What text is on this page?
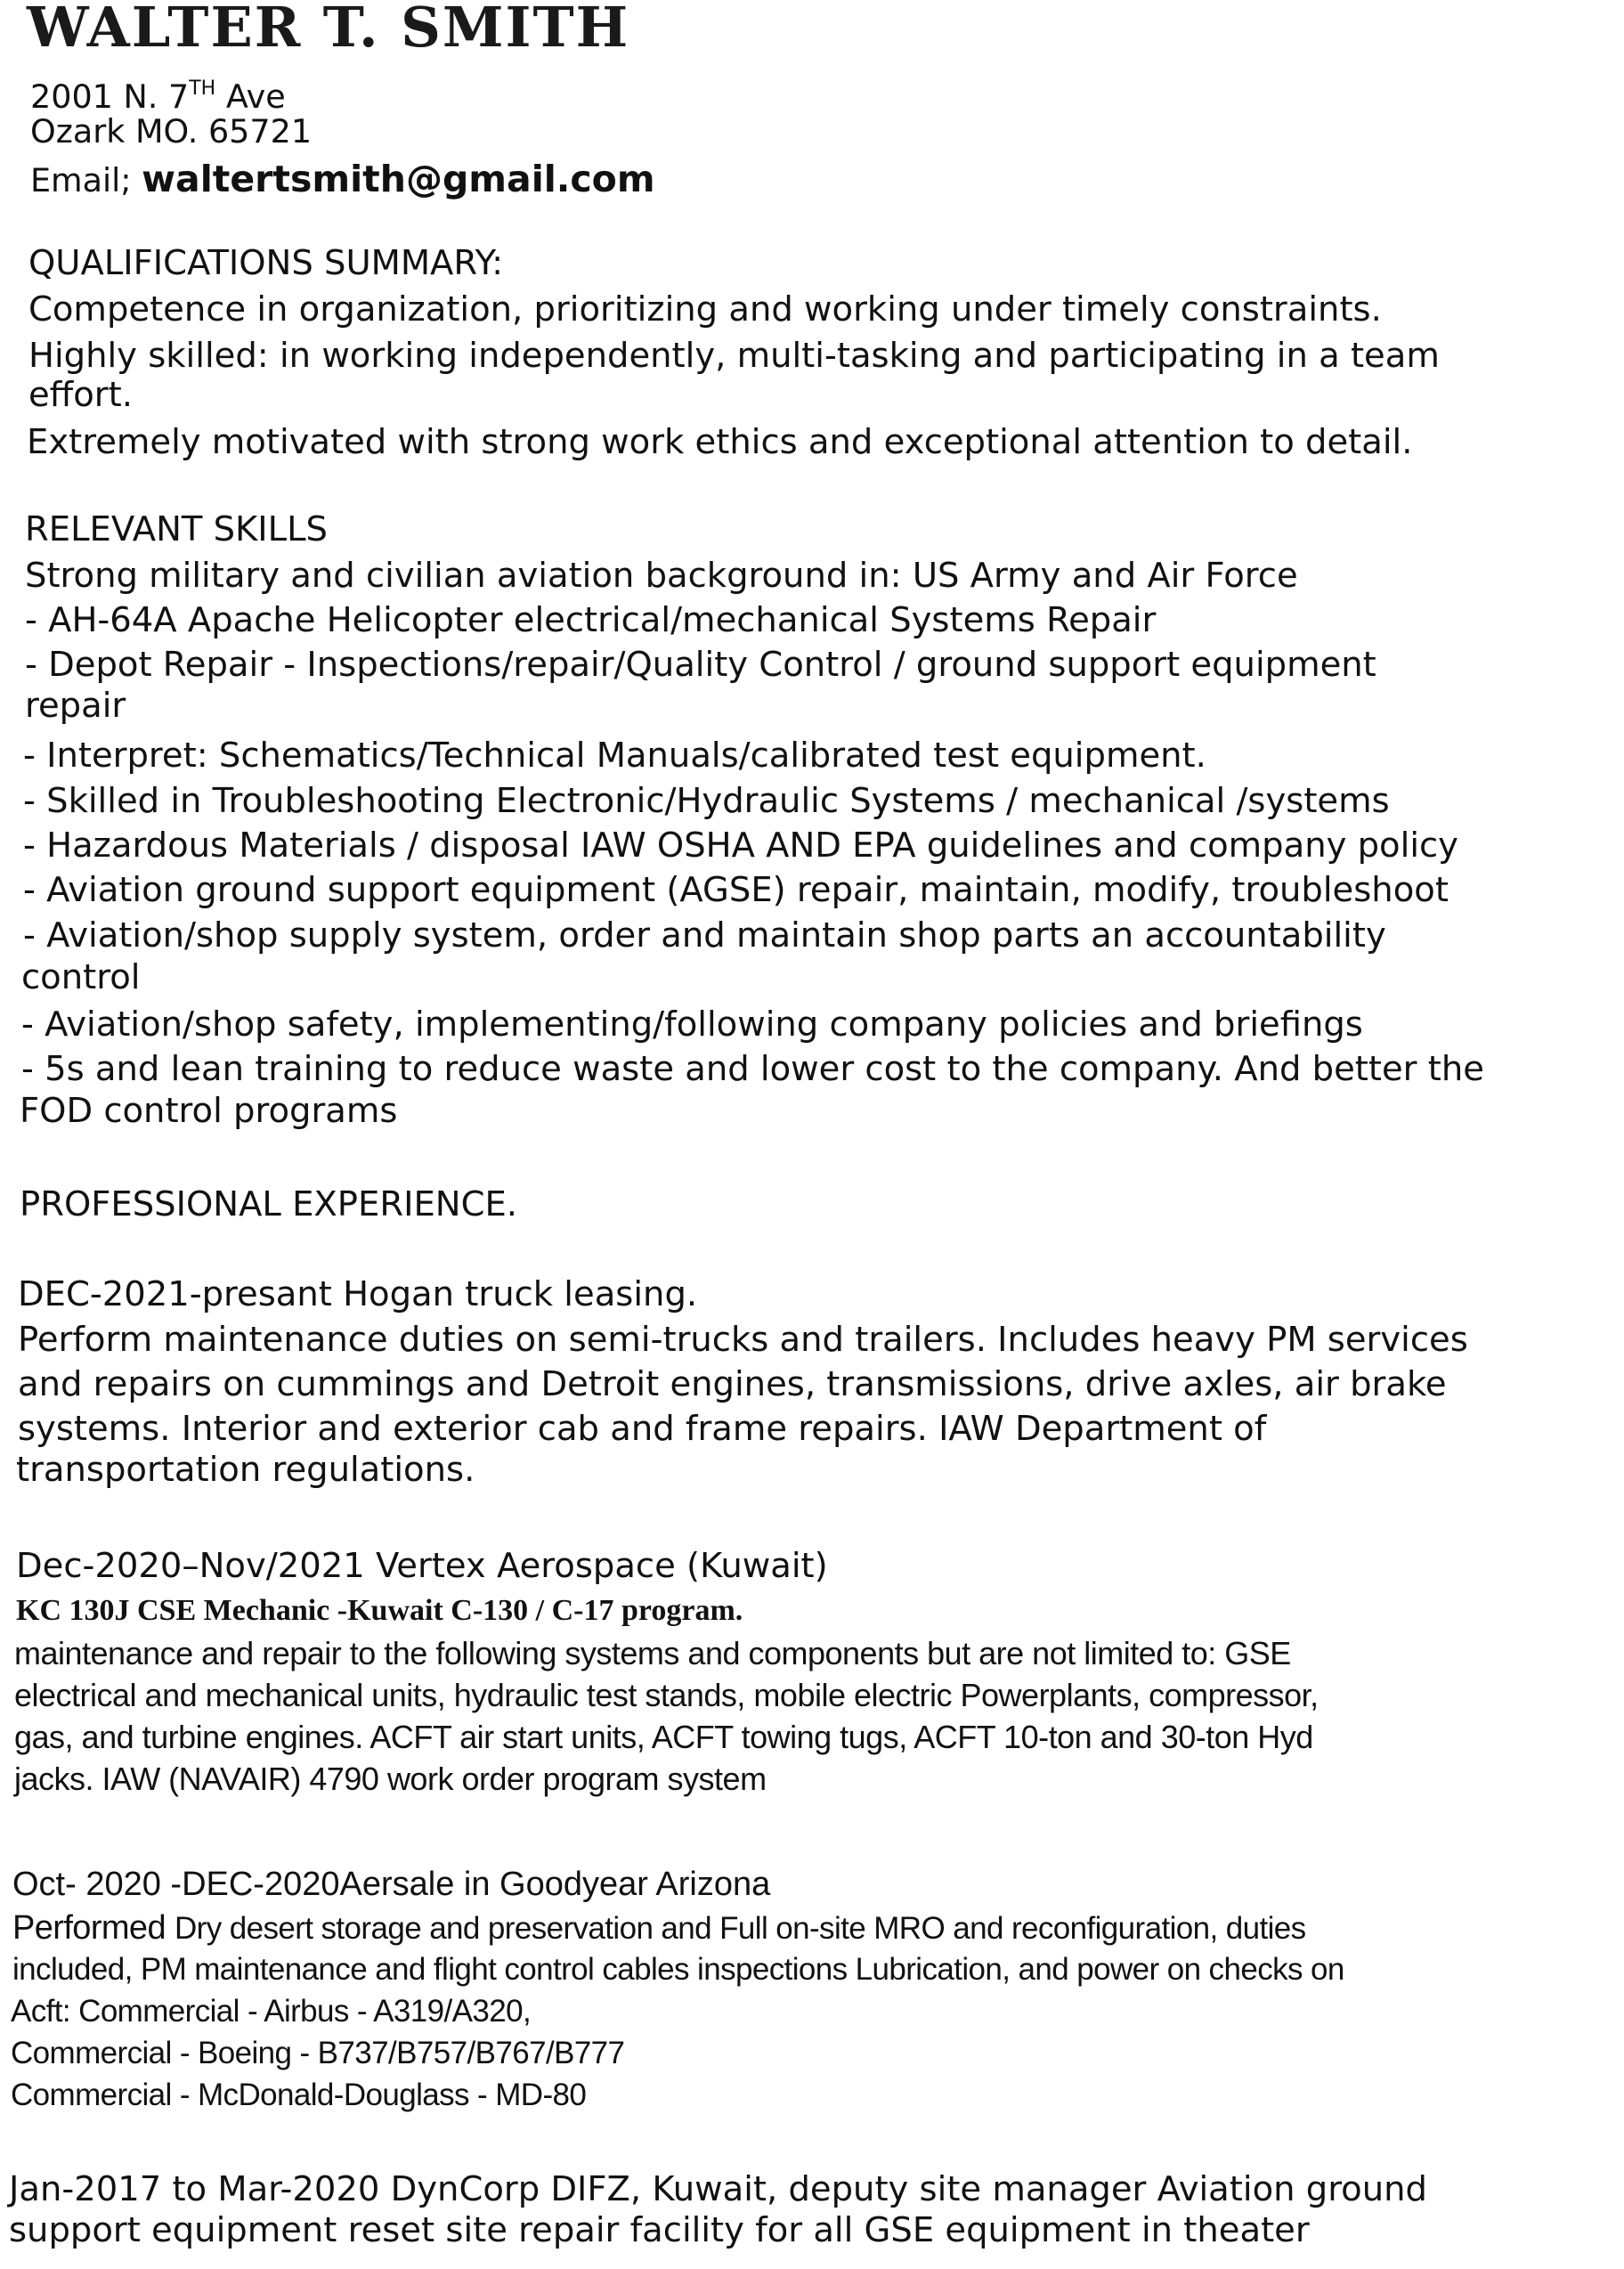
WALTER T. SMITH
2001 N. 7TH Ave
Ozark MO. 65721
Email; waltertsmith@gmail.com
QUALIFICATIONS SUMMARY:
Competence in organization, prioritizing and working under timely constraints.
Highly skilled: in working independently, multi-tasking and participating in a team
effort.
Extremely motivated with strong work ethics and exceptional attention to detail.
RELEVANT SKILLS
Strong military and civilian aviation background in: US Army and Air Force
- AH-64A Apache Helicopter electrical/mechanical Systems Repair
- Depot Repair - Inspections/repair/Quality Control / ground support equipment
repair
- Interpret: Schematics/Technical Manuals/calibrated test equipment.
- Skilled in Troubleshooting Electronic/Hydraulic Systems / mechanical /systems
- Hazardous Materials / disposal IAW OSHA AND EPA guidelines and company policy
- Aviation ground support equipment (AGSE) repair, maintain, modify, troubleshoot
- Aviation/shop supply system, order and maintain shop parts an accountability
control
- Aviation/shop safety, implementing/following company policies and briefings
- 5s and lean training to reduce waste and lower cost to the company. And better the
FOD control programs
PROFESSIONAL EXPERIENCE.
DEC-2021-presant Hogan truck leasing.
Perform maintenance duties on semi-trucks and trailers. Includes heavy PM services
and repairs on cummings and Detroit engines, transmissions, drive axles, air brake
systems. Interior and exterior cab and frame repairs. IAW Department of
transportation regulations.
Dec-2020–Nov/2021 Vertex Aerospace (Kuwait)
KC 130J CSE Mechanic -Kuwait C-130 / C-17 program.
maintenance and repair to the following systems and components but are not limited to: GSE
electrical and mechanical units, hydraulic test stands, mobile electric Powerplants, compressor,
gas, and turbine engines. ACFT air start units, ACFT towing tugs, ACFT 10-ton and 30-ton Hyd
jacks. IAW (NAVAIR) 4790 work order program system
Oct- 2020 -DEC-2020Aersale in Goodyear Arizona
Performed Dry desert storage and preservation and Full on-site MRO and reconfiguration, duties
included, PM maintenance and flight control cables inspections Lubrication, and power on checks on
Acft: Commercial - Airbus - A319/A320,
Commercial - Boeing - B737/B757/B767/B777
Commercial - McDonald-Douglass - MD-80
Jan-2017 to Mar-2020 DynCorp DIFZ, Kuwait, deputy site manager Aviation ground
support equipment reset site repair facility for all GSE equipment in theater
